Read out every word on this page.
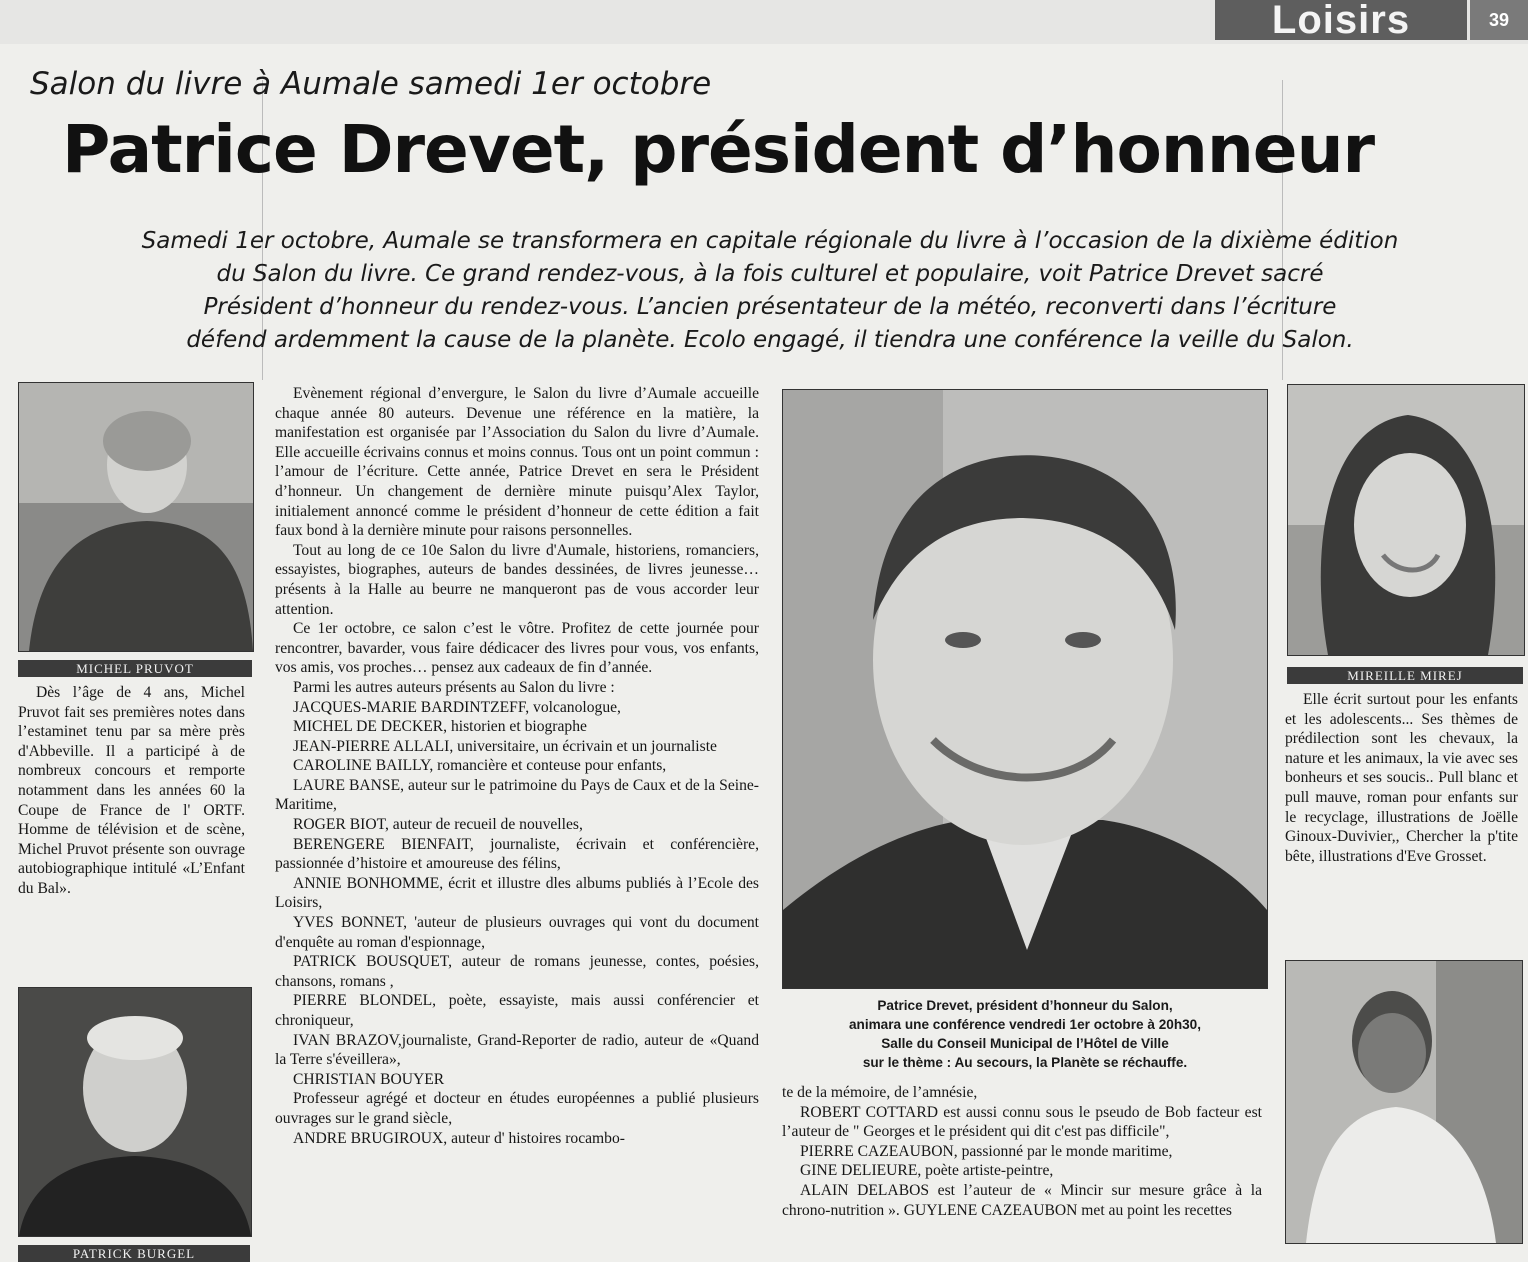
Loisirs	39
Salon du livre à Aumale samedi 1er octobre
Patrice Drevet, président d’honneur
Samedi 1er octobre, Aumale se transformera en capitale régionale du livre à l’occasion de la dixième édition
du Salon du livre. Ce grand rendez-vous, à la fois culturel et populaire, voit Patrice Drevet sacré
Président d’honneur du rendez-vous. L’ancien présentateur de la météo, reconverti dans l’écriture
défend ardemment la cause de la planète. Ecolo engagé, il tiendra une conférence la veille du Salon.
MICHEL PRUVOT

Dès l’âge de 4 ans, Michel Pruvot fait ses premières notes dans l’estaminet tenu par sa mère près d'Abbeville. Il a participé à de nombreux concours et remporte notamment dans les années 60 la Coupe de France de l' ORTF. Homme de télévision et de scène, Michel Pruvot présente son ouvrage autobiographique intitulé «L’Enfant du Bal».

PATRICK BURGEL

Evènement régional d’envergure, le Salon du livre d’Aumale accueille chaque année 80 auteurs. Devenue une référence en la matière, la manifestation est organisée par l’Association du Salon du livre d’Aumale. Elle accueille écrivains connus et moins connus. Tous ont un point commun : l’amour de l’écriture. Cette année, Patrice Drevet en sera le Président d’honneur. Un changement de dernière minute puisqu’Alex Taylor, initialement annoncé comme le président d’honneur de cette édition a fait faux bond à la dernière minute pour raisons personnelles.

Tout au long de ce 10e Salon du livre d'Aumale, historiens, romanciers, essayistes, biographes, auteurs de bandes dessinées, de livres jeunesse… présents à la Halle au beurre ne manqueront pas de vous accorder leur attention.

Ce 1er octobre, ce salon c’est le vôtre. Profitez de cette journée pour rencontrer, bavarder, vous faire dédicacer des livres pour vous, vos enfants, vos amis, vos proches… pensez aux cadeaux de fin d’année.

Parmi les autres auteurs présents au Salon du livre :

JACQUES-MARIE BARDINTZEFF, volcanologue,

MICHEL DE DECKER, historien et biographe

JEAN-PIERRE ALLALI, universitaire, un écrivain et un journaliste

CAROLINE BAILLY, romancière et conteuse pour enfants,

LAURE BANSE, auteur sur le patrimoine du Pays de Caux et de la Seine-Maritime,

ROGER BIOT, auteur de recueil de nouvelles,

BERENGERE BIENFAIT, journaliste, écrivain et conférencière, passionnée d’histoire et amoureuse des félins,

ANNIE BONHOMME, écrit et illustre dles albums publiés à l’Ecole des Loisirs,

YVES BONNET, 'auteur de plusieurs ouvrages qui vont du document d'enquête au roman d'espionnage,

PATRICK BOUSQUET, auteur de romans jeunesse, contes, poésies, chansons, romans ,

PIERRE BLONDEL, poète, essayiste, mais aussi conférencier et chroniqueur,

IVAN BRAZOV,journaliste, Grand-Reporter de radio, auteur de «Quand la Terre s'éveillera»,

CHRISTIAN BOUYER

Professeur agrégé et docteur en études européennes a publié plusieurs ouvrages sur le grand siècle,

ANDRE BRUGIROUX, auteur d' histoires rocambo-

Patrice Drevet, président d’honneur du Salon,
animara une conférence vendredi 1er octobre à 20h30,
Salle du Conseil Municipal de l’Hôtel de Ville
sur le thème : Au secours, la Planète se réchauffe.

te de la mémoire, de l’amnésie,

ROBERT COTTARD est aussi connu sous le pseudo de Bob facteur est l’auteur de " Georges et le président qui dit c'est pas difficile",

PIERRE CAZEAUBON, passionné par le monde maritime,

GINE DELIEURE, poète artiste-peintre,

ALAIN DELABOS est l’auteur de « Mincir sur mesure grâce à la chrono-nutrition ». GUYLENE CAZEAUBON met au point les recettes

MIREILLE MIREJ

Elle écrit surtout pour les enfants et les adolescents... Ses thèmes de prédilection sont les chevaux, la nature et les animaux, la vie avec ses bonheurs et ses soucis.. Pull blanc et pull mauve, roman pour enfants sur le recyclage, illustrations de Joëlle Ginoux-Duvivier,, Chercher la p'tite bête, illustrations d'Eve Grosset.
